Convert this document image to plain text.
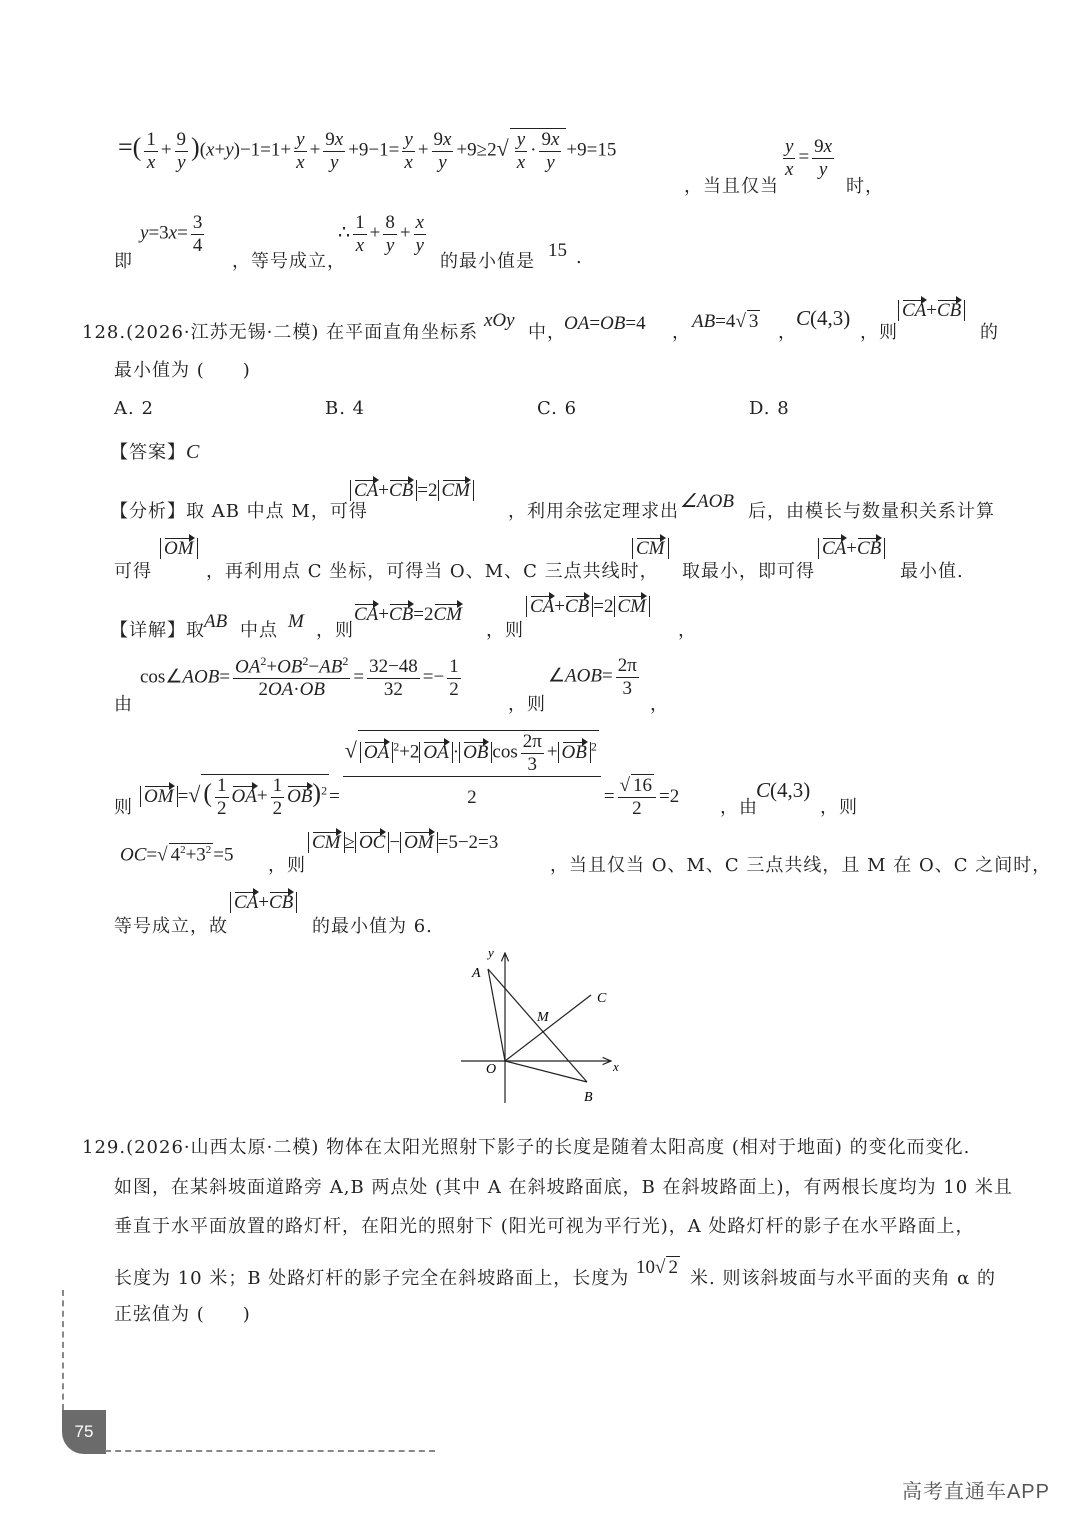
=( $\frac{1}{x} + \frac{9}{y} )(x+y)-1=1+ \frac{y}{x} + \frac{9x}{y} +9-1= \frac{y}{x} + \frac{9x}{y} +9\ge 2√ \frac{y}{x} \cdot \frac{9x}{y} +9=15$
，当且仅当
$\frac{y}{x} = \frac{9x}{y}$
时，
即
$y=3x= \frac{3}{4}$
，等号成立，
∴ $\frac{1}{x} + \frac{8}{y} + \frac{x}{y}$
的最小值是
15 .
128.(2026·江苏无锡·二模) 在平面直角坐标系
xOy
中，
OA=OB=4 ，
AB=4√ 3
，
C(4,3)
，则
CA+CB
的
最小值为 (　　)
A. 2	B. 4	C. 6	D. 8
【答案】C
【分析】取 AB 中点 M，可得
CA+CB =2 CM
，利用余弦定理求出 ∠AOB 后，由模长与数量积关系计算
可得
OM
，再利用点 C 坐标，可得当 O、M、C 三点共线时，
CM
取最小，即可得
CA+CB
最小值.
【详解】取 AB 中点 M ，则
CA+CB=2CM
，则
CA+CB =2 CM
，
由
cos∠AOB= $\frac{OA^2+OB^2-AB^2}{2OA\cdot OB} = \frac{32-48}{32} =- \frac{1}{2}$
，则
∠AOB= $\frac{2\pi}{3}$
，
则
OM =√ ( $\frac{1}{2} OA+ \frac{1}{2} OB)^2 = \frac{√ OA ^2+2 OA \cdot OB \cos \frac{2\pi}{3} + OB ^2}{2} = \frac{√ 16}{2} =2$
，由
C(4,3)
，则
OC=√ $4^2+3^2 =5$
，则
CM ≥ OC − OM =5−2=3
，当且仅当 O、M、C 三点共线，且 M 在 O、C 之间时，
等号成立，故
CA+CB
的最小值为 6.
y
x
A
C
M
O
B
129.(2026·山西太原·二模) 物体在太阳光照射下影子的长度是随着太阳高度 (相对于地面) 的变化而变化.
如图，在某斜坡面道路旁 A,B 两点处 (其中 A 在斜坡路面底，B 在斜坡路面上)，有两根长度均为 10 米且
垂直于水平面放置的路灯杆，在阳光的照射下 (阳光可视为平行光)，A 处路灯杆的影子在水平路面上，
长度为 10 米；B 处路灯杆的影子完全在斜坡路面上，长度为
10√ 2
米. 则该斜坡面与水平面的夹角 α 的
正弦值为 (　　)
75
高考直通车APP
